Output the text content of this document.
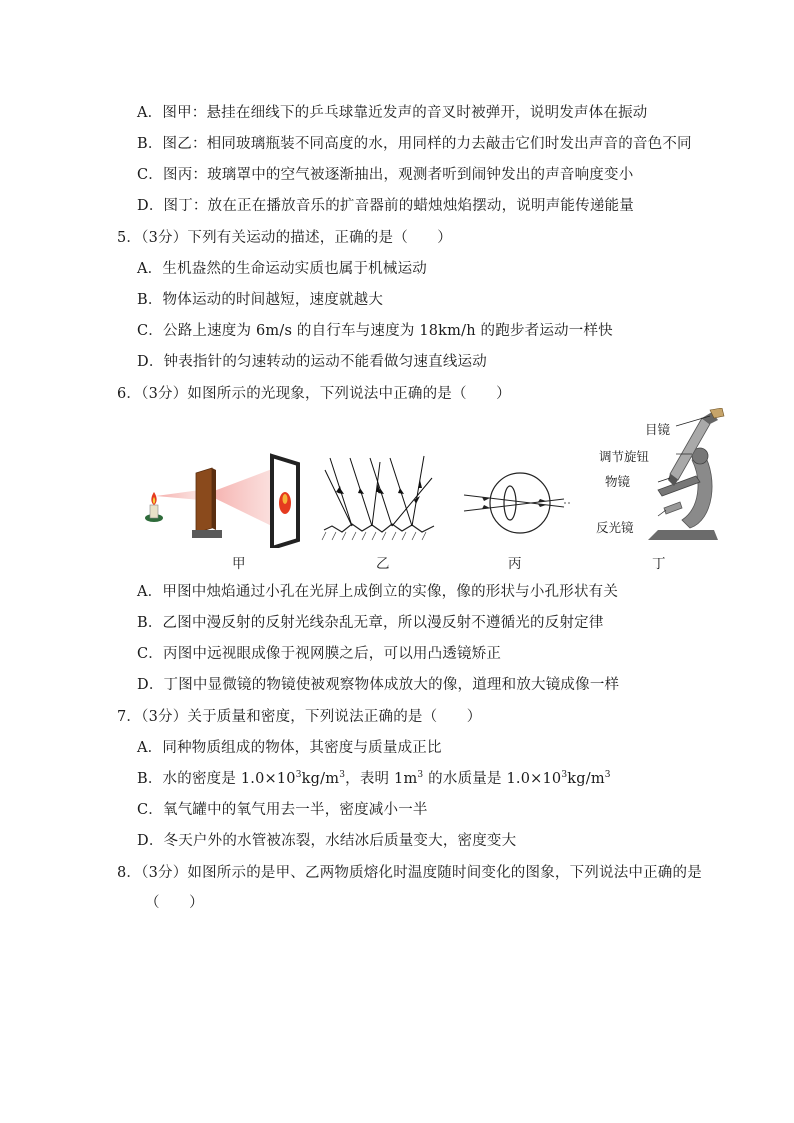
A．图甲：悬挂在细线下的乒乓球靠近发声的音叉时被弹开，说明发声体在振动
B．图乙：相同玻璃瓶装不同高度的水，用同样的力去敲击它们时发出声音的音色不同
C．图丙：玻璃罩中的空气被逐渐抽出，观测者听到闹钟发出的声音响度变小
D．图丁：放在正在播放音乐的扩音器前的蜡烛烛焰摆动，说明声能传递能量
5．（3分）下列有关运动的描述，正确的是（　　）
A．生机盎然的生命运动实质也属于机械运动
B．物体运动的时间越短，速度就越大
C．公路上速度为 6m/s 的自行车与速度为 18km/h 的跑步者运动一样快
D．钟表指针的匀速转动的运动不能看做匀速直线运动
6．（3分）如图所示的光现象，下列说法中正确的是（　　）
甲	乙	丙
目镜
调节旋钮
物镜
反光镜
丁
A．甲图中烛焰通过小孔在光屏上成倒立的实像，像的形状与小孔形状有关
B．乙图中漫反射的反射光线杂乱无章，所以漫反射不遵循光的反射定律
C．丙图中远视眼成像于视网膜之后，可以用凸透镜矫正
D．丁图中显微镜的物镜使被观察物体成放大的像，道理和放大镜成像一样
7．（3分）关于质量和密度，下列说法正确的是（　　）
A．同种物质组成的物体，其密度与质量成正比
B．水的密度是 $1.0\times 10^3kg/m^3$，表明 $1m^3$ 的水质量是 $1.0\times 10^3kg/m^3$
C．氧气罐中的氧气用去一半，密度减小一半
D．冬天户外的水管被冻裂，水结冰后质量变大，密度变大
8．（3分）如图所示的是甲、乙两物质熔化时温度随时间变化的图象，下列说法中正确的是
（　　）
